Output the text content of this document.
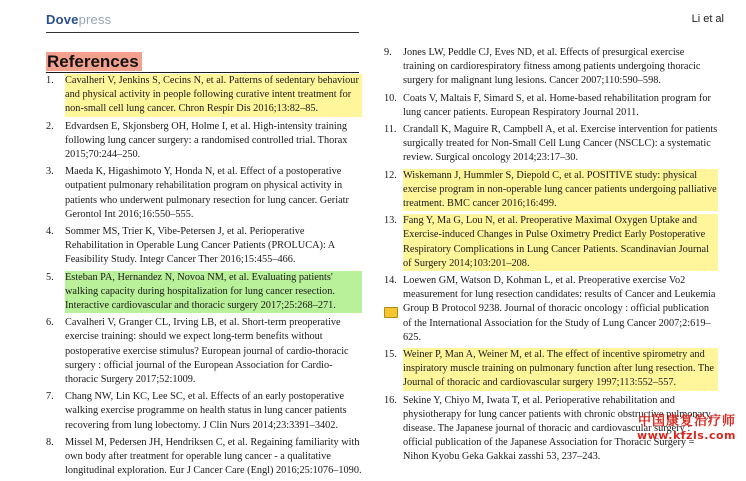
Dovepress	Li et al
References
1.	Cavalheri V, Jenkins S, Cecins N, et al. Patterns of sedentary behaviour and physical activity in people following curative intent treatment for non-small cell lung cancer. Chron Respir Dis 2016;13:82–85.
2.	Edvardsen E, Skjonsberg OH, Holme I, et al. High-intensity training following lung cancer surgery: a randomised controlled trial. Thorax 2015;70:244–250.
3.	Maeda K, Higashimoto Y, Honda N, et al. Effect of a postoperative outpatient pulmonary rehabilitation program on physical activity in patients who underwent pulmonary resection for lung cancer. Geriatr Gerontol Int 2016;16:550–555.
4.	Sommer MS, Trier K, Vibe-Petersen J, et al. Perioperative Rehabilitation in Operable Lung Cancer Patients (PROLUCA): A Feasibility Study. Integr Cancer Ther 2016;15:455–466.
5.	Esteban PA, Hernandez N, Novoa NM, et al. Evaluating patients' walking capacity during hospitalization for lung cancer resection. Interactive cardiovascular and thoracic surgery 2017;25:268–271.
6.	Cavalheri V, Granger CL, Irving LB, et al. Short-term preoperative exercise training: should we expect long-term benefits without postoperative exercise stimulus? European journal of cardio-thoracic surgery : official journal of the European Association for Cardio-thoracic Surgery 2017;52:1009.
7.	Chang NW, Lin KC, Lee SC, et al. Effects of an early postoperative walking exercise programme on health status in lung cancer patients recovering from lung lobectomy. J Clin Nurs 2014;23:3391–3402.
8.	Missel M, Pedersen JH, Hendriksen C, et al. Regaining familiarity with own body after treatment for operable lung cancer - a qualitative longitudinal exploration. Eur J Cancer Care (Engl) 2016;25:1076–1090.
9.	Jones LW, Peddle CJ, Eves ND, et al. Effects of presurgical exercise training on cardiorespiratory fitness among patients undergoing thoracic surgery for malignant lung lesions. Cancer 2007;110:590–598.
10. Coats V, Maltais F, Simard S, et al. Home-based rehabilitation program for lung cancer patients. European Respiratory Journal 2011.
11. Crandall K, Maguire R, Campbell A, et al. Exercise intervention for patients surgically treated for Non-Small Cell Lung Cancer (NSCLC): a systematic review. Surgical oncology 2014;23:17–30.
12. Wiskemann J, Hummler S, Diepold C, et al. POSITIVE study: physical exercise program in non-operable lung cancer patients undergoing palliative treatment. BMC cancer 2016;16:499.
13. Fang Y, Ma G, Lou N, et al. Preoperative Maximal Oxygen Uptake and Exercise-induced Changes in Pulse Oximetry Predict Early Postoperative Respiratory Complications in Lung Cancer Patients. Scandinavian Journal of Surgery 2014;103:201–208.
14. Loewen GM, Watson D, Kohman L, et al. Preoperative exercise Vo2 measurement for lung resection candidates: results of Cancer and Leukemia Group B Protocol 9238. Journal of thoracic oncology : official publication of the International Association for the Study of Lung Cancer 2007;2:619–625.
15. Weiner P, Man A, Weiner M, et al. The effect of incentive spirometry and inspiratory muscle training on pulmonary function after lung resection. The Journal of thoracic and cardiovascular surgery 1997;113:552–557.
16. Sekine Y, Chiyo M, Iwata T, et al. Perioperative rehabilitation and physiotherapy for lung cancer patients with chronic obstructive pulmonary disease. The Japanese journal of thoracic and cardiovascular surgery : official publication of the Japanese Association for Thoracic Surgery = Nihon Kyobu Geka Gakkai zasshi 53, 237–243.
中国康复治疗师
www.kfzls.com
